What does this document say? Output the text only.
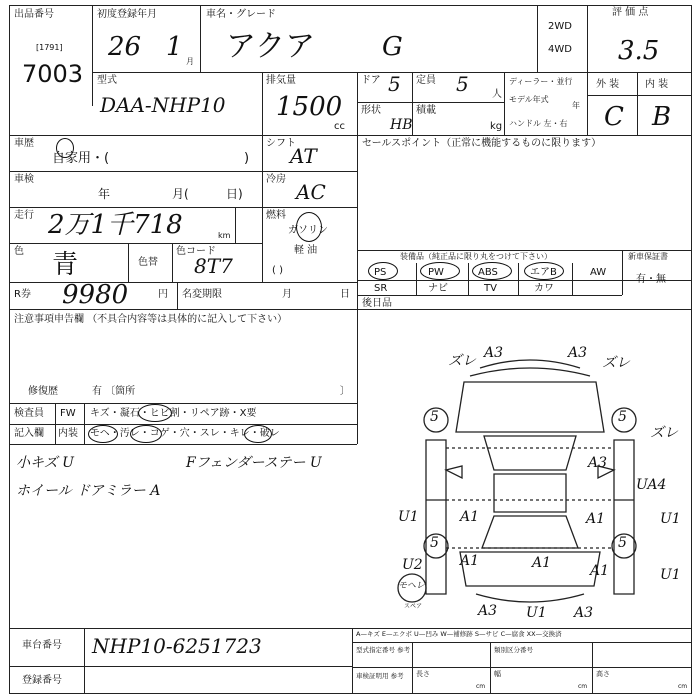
出品番号
[1791]
7003
初度登録年月
26 1 月
車名・グレード
アクア	G
2WD
4WD
評 価 点
3.5
型式
DAA-NHP10
排気量
1500
cc
ドア 5 定員 5 人
形状
HB
積載
kg
ディーラー・並行
モデル年式
年
ハンドル 左・右
外 装	内 装
C B
車歴
自家用・(	)
車検
年	月(	日)
走行 2万1千718	km
色 青	色替
色コード
8T7
シフト
AT
冷房
AC
燃料
ガソリン
軽 油
( )
R券 9980	円 名変期限	月	日
セールスポイント（正常に機能するものに限ります）
装備品（純正品に限り丸をつけて下さい）	新車保証書
有・無
PS	PW	ABS	エアB	AW
SR	ナビ	TV	カワ
後日品
注意事項申告欄 （不具合内容等は具体的に記入して下さい）
修復歴	有 〔箇所	〕
検査員
記入欄
FW キズ・凝石・ヒビ割・リペア跡・X要
内装 モヘ・汚レ・コゲ・穴・スレ・キレ・破レ
小キズ U	Fフェンダーステー U
ホイール ドアミラー A
ズレ A3	A3
ズレ
ズレ
A3
UA4
U1	A1	A1	U1
U2	A1
A1	U1
A3 U1 A3
モヘレ
スペア
A1
5	5
5	5
車台番号 NHP10-6251723
登録番号
A—キズ E—エクボ U—凹み W—補修跡 S—サビ C—腐食 XX—交換済
型式指定番号 参考	類別区分番号
車検証明用 参考 長さ	幅	高さ
cm	cm	cm
